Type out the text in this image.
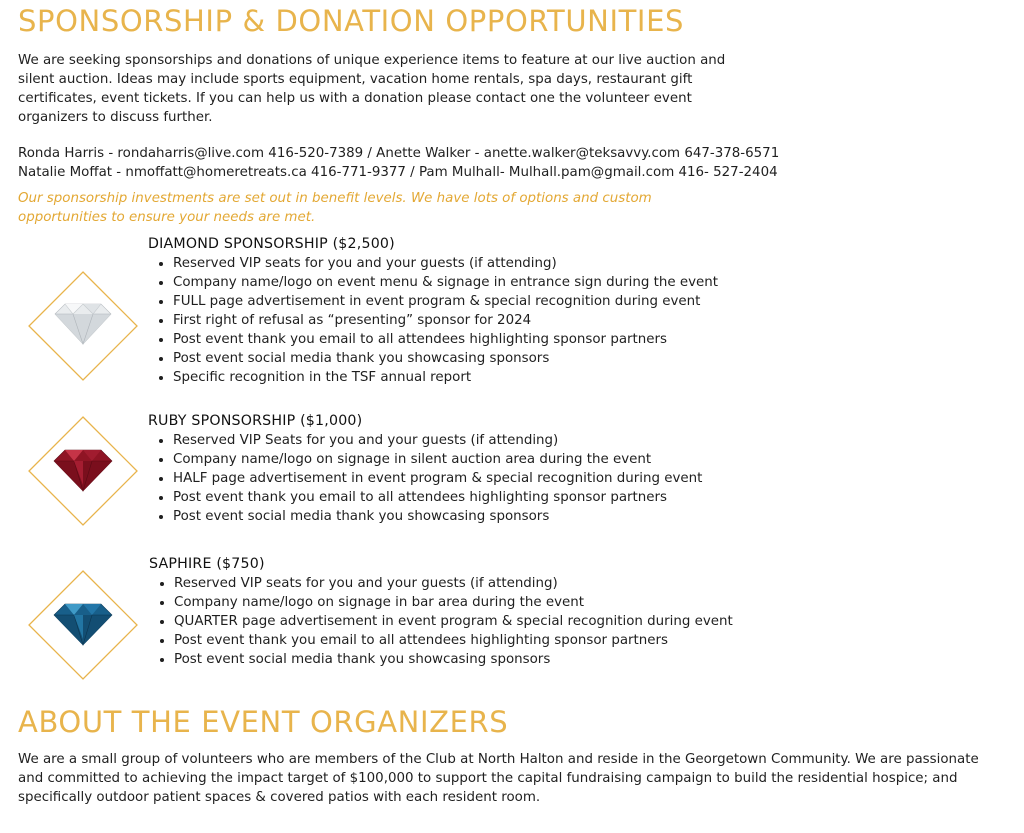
SPONSORSHIP & DONATION OPPORTUNITIES

We are seeking sponsorships and donations of unique experience items to feature at our live auction and silent auction. Ideas may include sports equipment, vacation home rentals, spa days, restaurant gift certificates, event tickets. If you can help us with a donation please contact one the volunteer event organizers to discuss further.

Ronda Harris - rondaharris@live.com 416-520-7389 / Anette Walker - anette.walker@teksavvy.com 647-378-6571
Natalie Moffat - nmoffatt@homeretreats.ca 416-771-9377 / Pam Mulhall- Mulhall.pam@gmail.com 416- 527-2404

Our sponsorship investments are set out in benefit levels. We have lots of options and custom opportunities to ensure your needs are met.

DIAMOND SPONSORSHIP ($2,500)
• Reserved VIP seats for you and your guests (if attending)
• Company name/logo on event menu & signage in entrance sign during the event
• FULL page advertisement in event program & special recognition during event
• First right of refusal as “presenting” sponsor for 2024
• Post event thank you email to all attendees highlighting sponsor partners
• Post event social media thank you showcasing sponsors
• Specific recognition in the TSF annual report
RUBY SPONSORSHIP ($1,000)
• Reserved VIP Seats for you and your guests (if attending)
• Company name/logo on signage in silent auction area during the event
• HALF page advertisement in event program & special recognition during event
• Post event thank you email to all attendees highlighting sponsor partners
• Post event social media thank you showcasing sponsors
SAPHIRE ($750)
• Reserved VIP seats for you and your guests (if attending)
• Company name/logo on signage in bar area during the event
• QUARTER page advertisement in event program & special recognition during event
• Post event thank you email to all attendees highlighting sponsor partners
• Post event social media thank you showcasing sponsors
ABOUT THE EVENT ORGANIZERS

We are a small group of volunteers who are members of the Club at North Halton and reside in the Georgetown Community. We are passionate and committed to achieving the impact target of $100,000 to support the capital fundraising campaign to build the residential hospice; and specifically outdoor patient spaces & covered patios with each resident room.
